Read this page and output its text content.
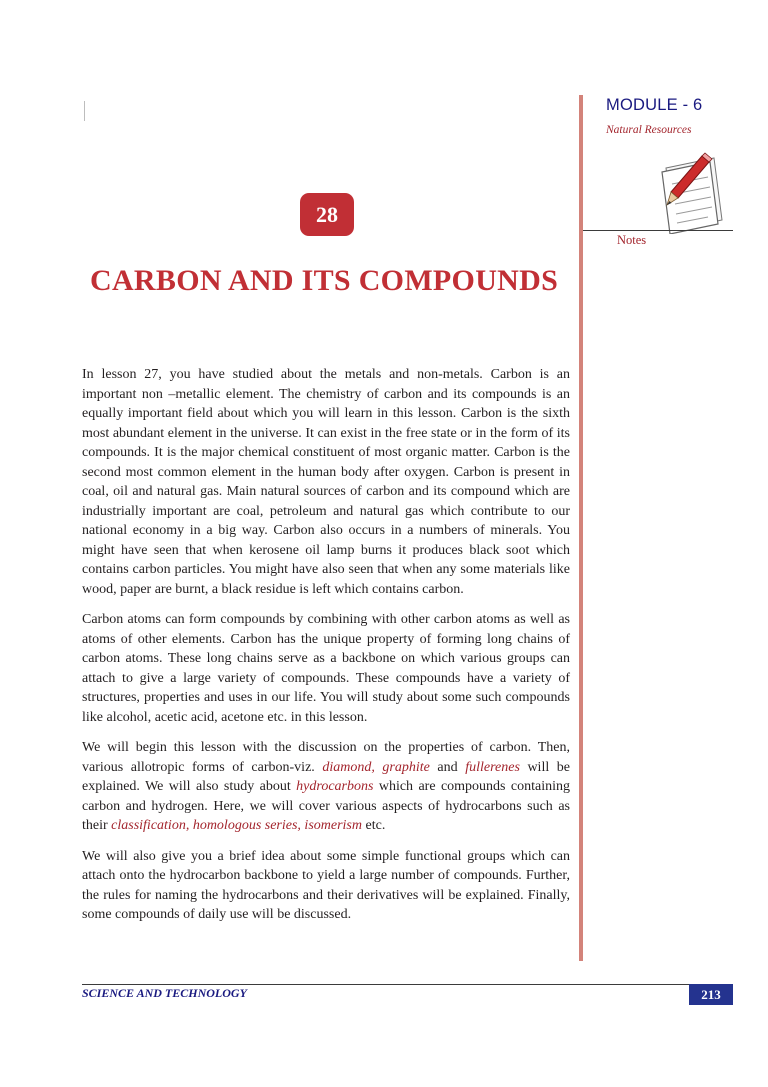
MODULE - 6
Natural Resources
Notes
28
CARBON AND ITS COMPOUNDS

In lesson 27, you have studied about the metals and non-metals. Carbon is an important non –metallic element. The chemistry of carbon and its compounds is an equally important field about which you will learn in this lesson. Carbon is the sixth most abundant element in the universe. It can exist in the free state or in the form of its compounds. It is the major chemical constituent of most organic matter. Carbon is the second most common element in the human body after oxygen. Carbon is present in coal, oil and natural gas. Main natural sources of carbon and its compound which are industrially important are coal, petroleum and natural gas which contribute to our national economy in a big way. Carbon also occurs in a numbers of minerals. You might have seen that when kerosene oil lamp burns it produces black soot which contains carbon particles. You might have also seen that when any some materials like wood, paper are burnt, a black residue is left which contains carbon.

Carbon atoms can form compounds by combining with other carbon atoms as well as atoms of other elements. Carbon has the unique property of forming long chains of carbon atoms. These long chains serve as a backbone on which various groups can attach to give a large variety of compounds. These compounds have a variety of structures, properties and uses in our life. You will study about some such compounds like alcohol, acetic acid, acetone etc. in this lesson.

We will begin this lesson with the discussion on the properties of carbon. Then, various allotropic forms of carbon-viz. diamond, graphite and fullerenes will be explained. We will also study about hydrocarbons which are compounds containing carbon and hydrogen. Here, we will cover various aspects of hydrocarbons such as their classification, homologous series, isomerism etc.

We will also give you a brief idea about some simple functional groups which can attach onto the hydrocarbon backbone to yield a large number of compounds. Further, the rules for naming the hydrocarbons and their derivatives will be explained. Finally, some compounds of daily use will be discussed.

SCIENCE AND TECHNOLOGY	213
